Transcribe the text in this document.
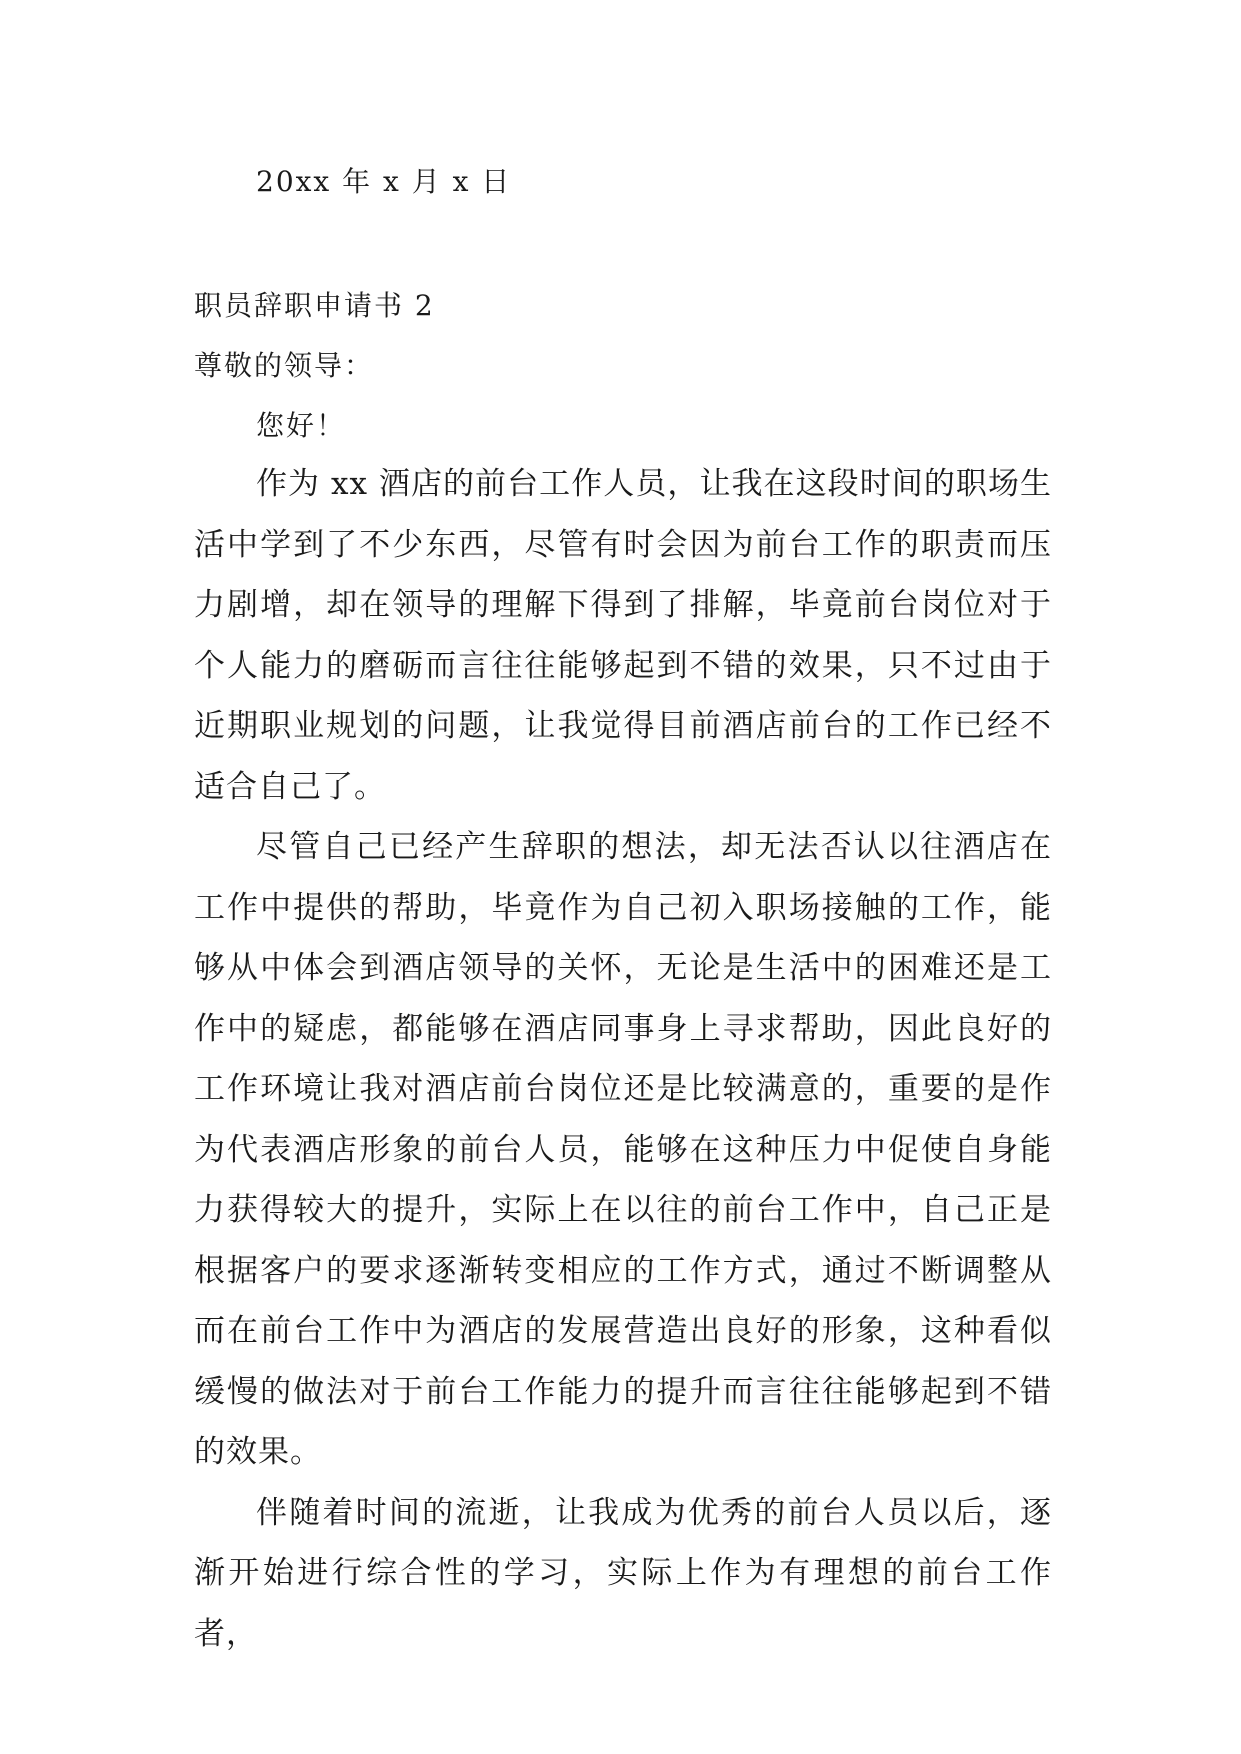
20xx 年 x 月 x 日
职员辞职申请书 2
尊敬的领导：
您好！

作为 xx 酒店的前台工作人员，让我在这段时间的职场生活中学到了不少东西，尽管有时会因为前台工作的职责而压力剧增，却在领导的理解下得到了排解，毕竟前台岗位对于个人能力的磨砺而言往往能够起到不错的效果，只不过由于近期职业规划的问题，让我觉得目前酒店前台的工作已经不适合自己了。

尽管自己已经产生辞职的想法，却无法否认以往酒店在工作中提供的帮助，毕竟作为自己初入职场接触的工作，能够从中体会到酒店领导的关怀，无论是生活中的困难还是工作中的疑虑，都能够在酒店同事身上寻求帮助，因此良好的工作环境让我对酒店前台岗位还是比较满意的，重要的是作为代表酒店形象的前台人员，能够在这种压力中促使自身能力获得较大的提升，实际上在以往的前台工作中，自己正是根据客户的要求逐渐转变相应的工作方式，通过不断调整从而在前台工作中为酒店的发展营造出良好的形象，这种看似缓慢的做法对于前台工作能力的提升而言往往能够起到不错的效果。

伴随着时间的流逝，让我成为优秀的前台人员以后，逐渐开始进行综合性的学习，实际上作为有理想的前台工作者，
